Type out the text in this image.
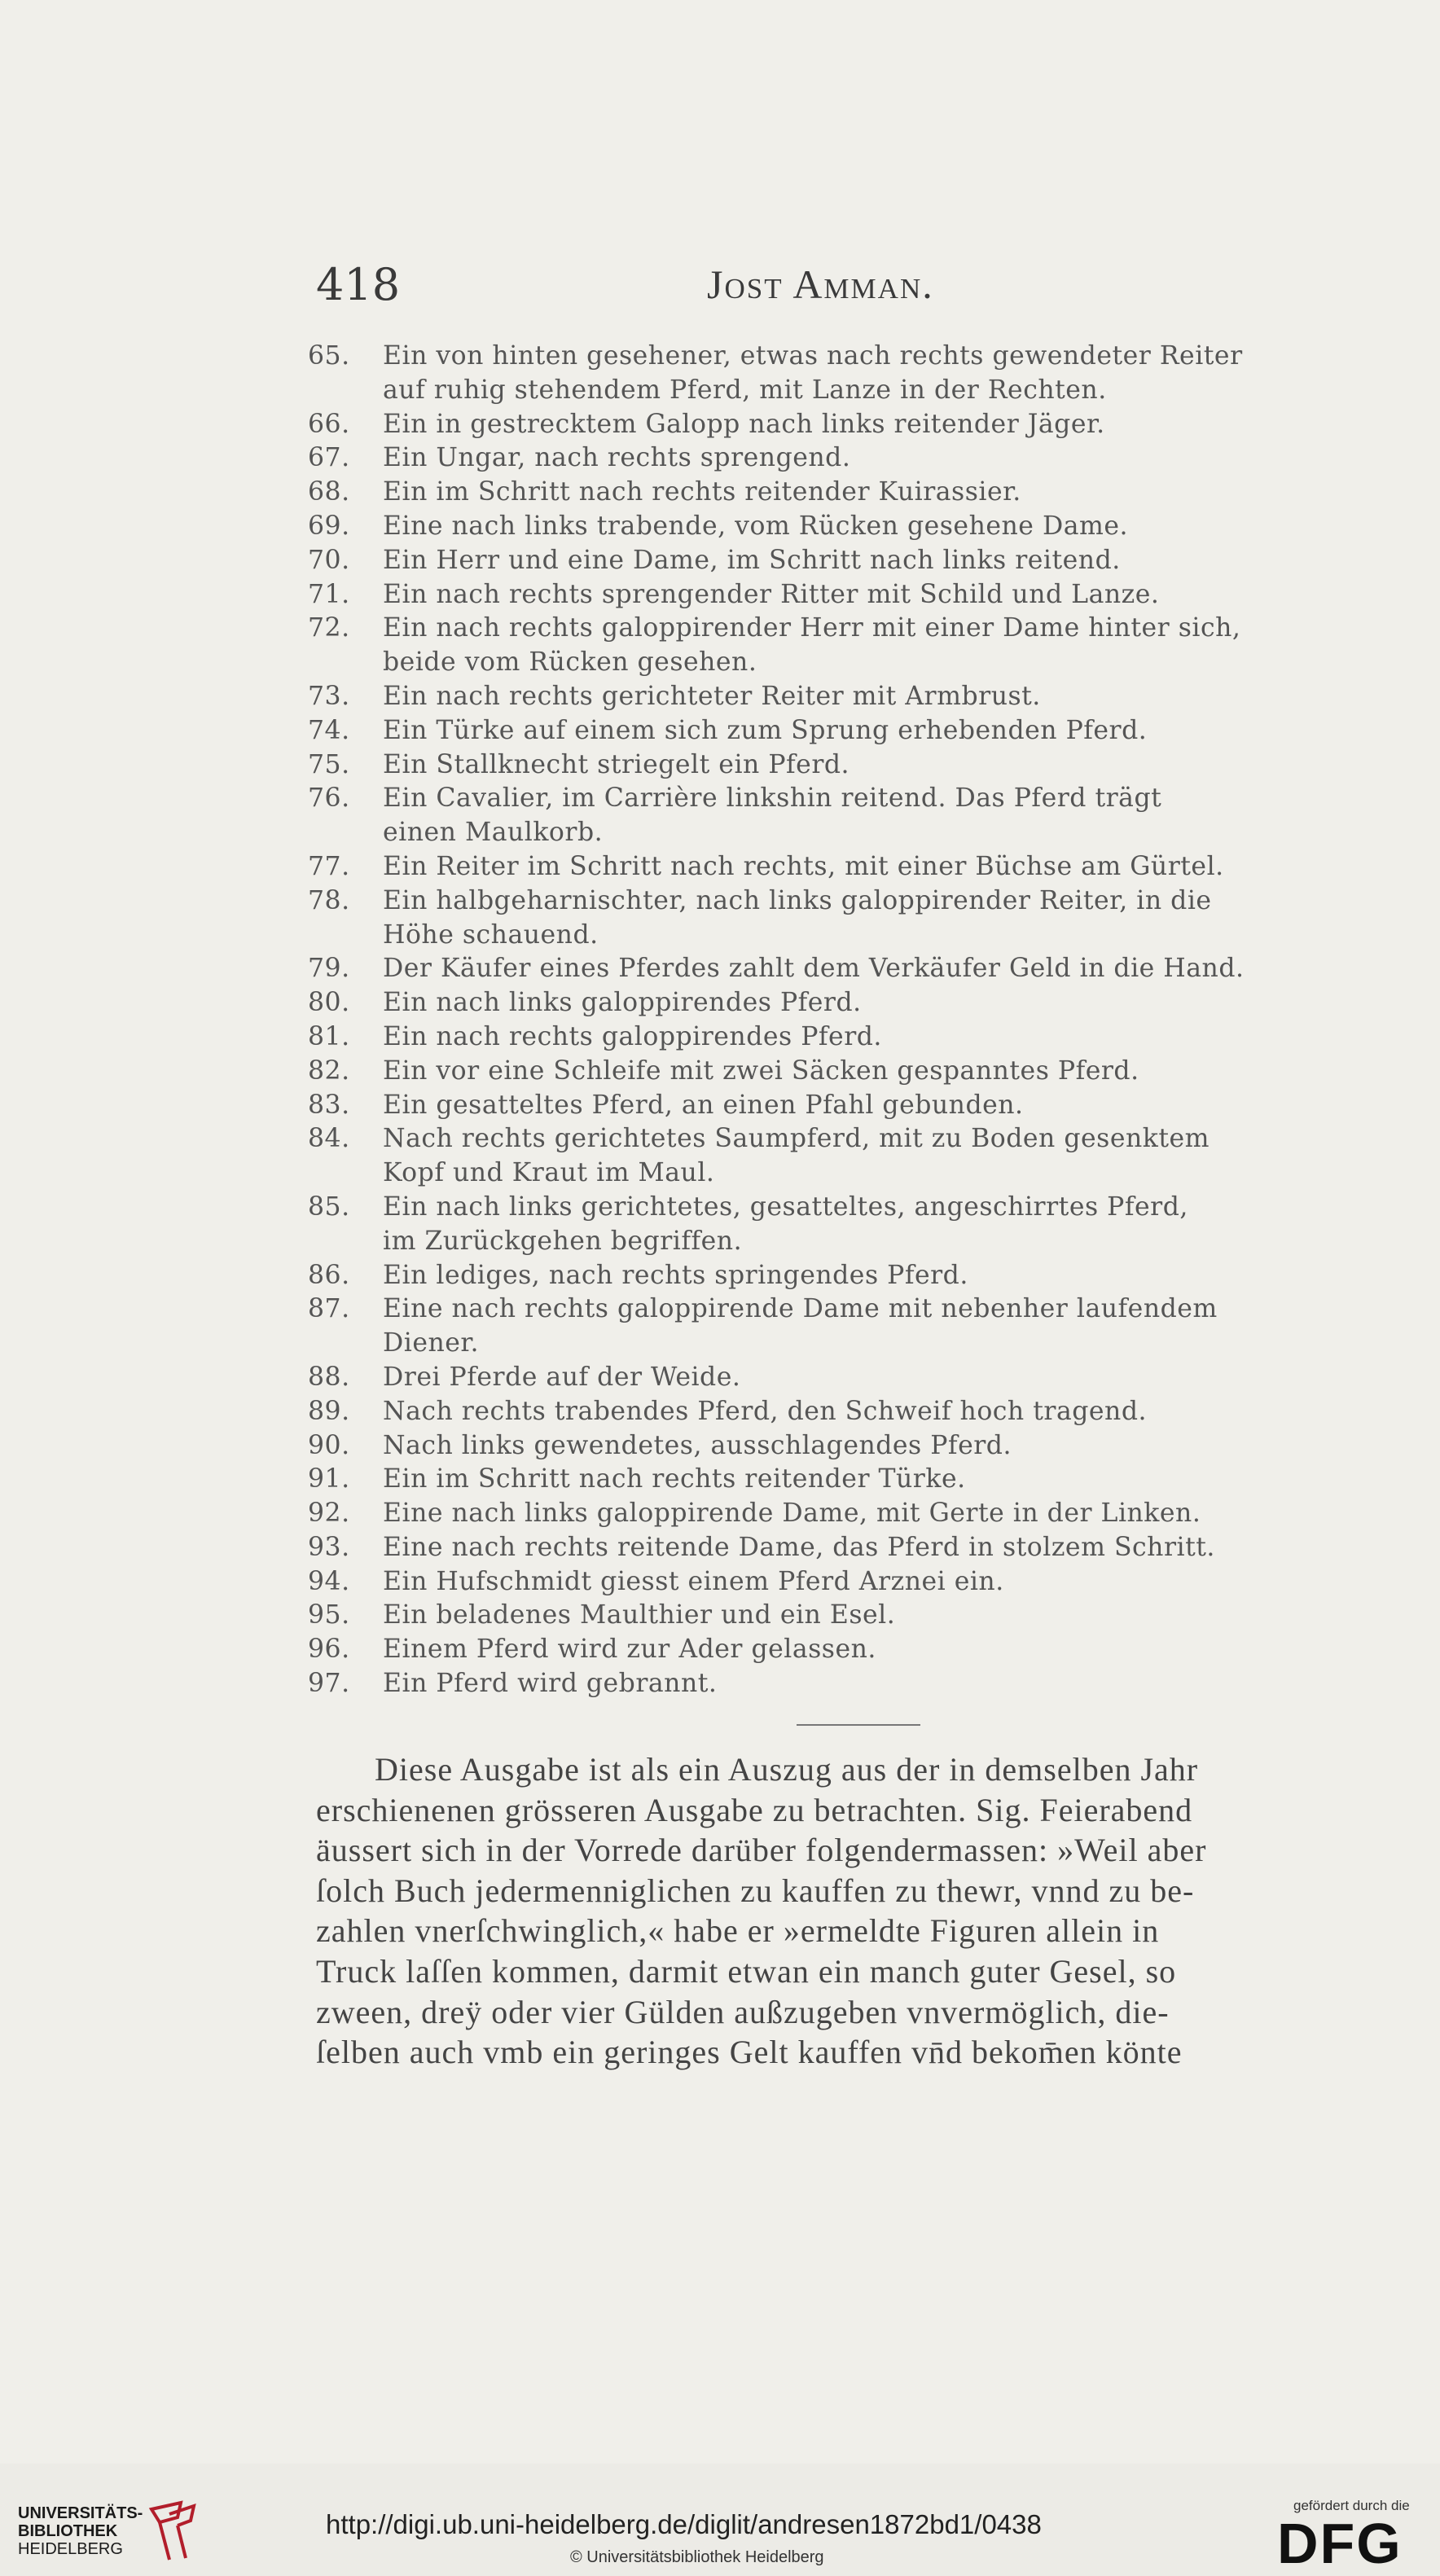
418	Jost Amman.
65.	Ein von hinten gesehener, etwas nach rechts gewendeter Reiter
auf ruhig stehendem Pferd, mit Lanze in der Rechten.
66.	Ein in gestrecktem Galopp nach links reitender Jäger.
67.	Ein Ungar, nach rechts sprengend.
68.	Ein im Schritt nach rechts reitender Kuirassier.
69.	Eine nach links trabende, vom Rücken gesehene Dame.
70.	Ein Herr und eine Dame, im Schritt nach links reitend.
71.	Ein nach rechts sprengender Ritter mit Schild und Lanze.
72.	Ein nach rechts galoppirender Herr mit einer Dame hinter sich,
beide vom Rücken gesehen.
73.	Ein nach rechts gerichteter Reiter mit Armbrust.
74.	Ein Türke auf einem sich zum Sprung erhebenden Pferd.
75.	Ein Stallknecht striegelt ein Pferd.
76.	Ein Cavalier, im Carrière linkshin reitend. Das Pferd trägt
einen Maulkorb.
77.	Ein Reiter im Schritt nach rechts, mit einer Büchse am Gürtel.
78.	Ein halbgeharnischter, nach links galoppirender Reiter, in die
Höhe schauend.
79.	Der Käufer eines Pferdes zahlt dem Verkäufer Geld in die Hand.
80.	Ein nach links galoppirendes Pferd.
81.	Ein nach rechts galoppirendes Pferd.
82.	Ein vor eine Schleife mit zwei Säcken gespanntes Pferd.
83.	Ein gesatteltes Pferd, an einen Pfahl gebunden.
84.	Nach rechts gerichtetes Saumpferd, mit zu Boden gesenktem
Kopf und Kraut im Maul.
85.	Ein nach links gerichtetes, gesatteltes, angeschirrtes Pferd,
im Zurückgehen begriffen.
86.	Ein lediges, nach rechts springendes Pferd.
87.	Eine nach rechts galoppirende Dame mit nebenher laufendem
Diener.
88.	Drei Pferde auf der Weide.
89.	Nach rechts trabendes Pferd, den Schweif hoch tragend.
90.	Nach links gewendetes, ausschlagendes Pferd.
91.	Ein im Schritt nach rechts reitender Türke.
92.	Eine nach links galoppirende Dame, mit Gerte in der Linken.
93.	Eine nach rechts reitende Dame, das Pferd in stolzem Schritt.
94.	Ein Hufschmidt giesst einem Pferd Arznei ein.
95.	Ein beladenes Maulthier und ein Esel.
96.	Einem Pferd wird zur Ader gelassen.
97.	Ein Pferd wird gebrannt.
Diese Ausgabe ist als ein Auszug aus der in demselben Jahr
erschienenen grösseren Ausgabe zu betrachten. Sig. Feierabend
äussert sich in der Vorrede darüber folgendermassen: »Weil aber
ſolch Buch jedermenniglichen zu kauffen zu thewr, vnnd zu be-
zahlen vnerſchwinglich,« habe er »ermeldte Figuren allein in
Truck laſſen kommen, darmit etwan ein manch guter Gesel, so
zween, dreÿ oder vier Gülden außzugeben vnvermöglich, die-
ſelben auch vmb ein geringes Gelt kauffen vn̄d bekom̄en könte
UNIVERSITÄTS-
BIBLIOTHEK
HEIDELBERG
http://digi.ub.uni-heidelberg.de/diglit/andresen1872bd1/0438
© Universitätsbibliothek Heidelberg
gefördert durch die
DFG
